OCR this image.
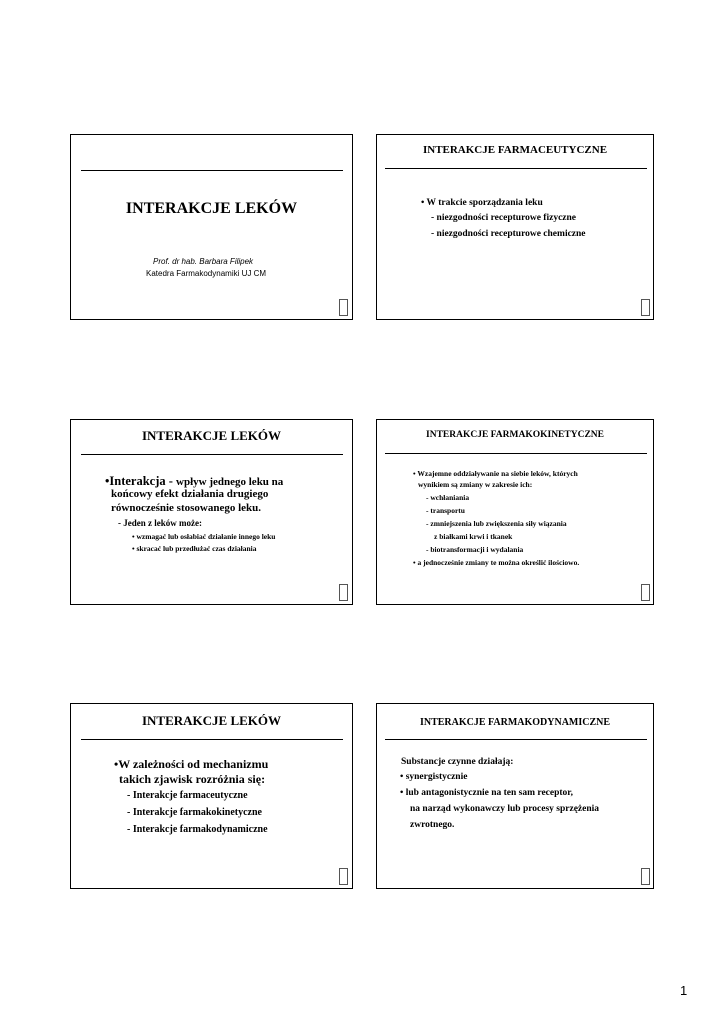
INTERAKCJE LEKÓW
Prof. dr hab. Barbara Filipek
Katedra Farmakodynamiki UJ CM
INTERAKCJE FARMACEUTYCZNE
• W trakcie sporządzania leku
- niezgodności recepturowe fizyczne
- niezgodności recepturowe chemiczne
INTERAKCJE LEKÓW
•Interakcja - wpływ jednego leku na
końcowy efekt działania drugiego
równocześnie stosowanego leku.
- Jeden z leków może:
• wzmagać lub osłabiać działanie innego leku
• skracać lub przedłużać czas działania
INTERAKCJE FARMAKOKINETYCZNE
• Wzajemne oddziaływanie na siebie leków, których
wynikiem są zmiany w zakresie ich:
- wchłaniania
- transportu
- zmniejszenia lub zwiększenia siły wiązania
z białkami krwi i tkanek
- biotransformacji i wydalania
• a jednocześnie zmiany te można określić ilościowo.
INTERAKCJE LEKÓW
•W zależności od mechanizmu
takich zjawisk rozróżnia się:
- Interakcje farmaceutyczne
- Interakcje farmakokinetyczne
- Interakcje farmakodynamiczne
INTERAKCJE FARMAKODYNAMICZNE
Substancje czynne działają:
• synergistycznie
• lub antagonistycznie na ten sam receptor,
na narząd wykonawczy lub procesy sprzężenia
zwrotnego.
1
